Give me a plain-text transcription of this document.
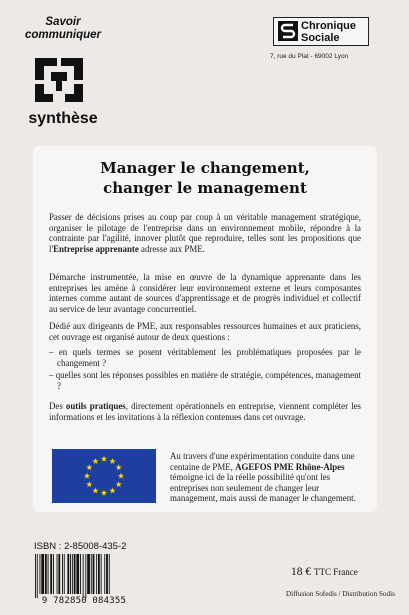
Savoir
communiquer
synthèse
Chronique
Sociale
7, rue du Plat - 69002 Lyon
Manager le changement,
changer le management

Passer de décisions prises au coup par coup à un véritable management stratégique, organiser le pilotage de l'entreprise dans un environnement mobile, répondre à la contrainte par l'agilité, innover plutôt que reproduire, telles sont les propositions que l'Entreprise apprenante adresse aux PME.

Démarche instrumentée, la mise en œuvre de la dynamique apprenante dans les entreprises les amène à considérer leur environnement externe et leurs composantes internes comme autant de sources d'apprentissage et de progrès individuel et collectif au service de leur avantage concurrentiel.

Dédié aux dirigeants de PME, aux responsables ressources humaines et aux praticiens, cet ouvrage est organisé autour de deux questions :

– en quels termes se posent véritablement les problématiques proposées par le changement ?

– quelles sont les réponses possibles en matière de stratégie, compétences, management ?

Des outils pratiques, directement opérationnels en entreprise, viennent compléter les informations et les invitations à la réflexion contenues dans cet ouvrage.

Au travers d'une expérimentation conduite dans une centaine de PME, AGEFOS PME Rhône-Alpes témoigne ici de la réelle possibilité qu'ont les entreprises non seulement de changer leur management, mais aussi de manager le changement.

ISBN : 2-85008-435-2
9 782850 084355
18 € TTC France
Diffusion Sofedis / Distribution Sodis
